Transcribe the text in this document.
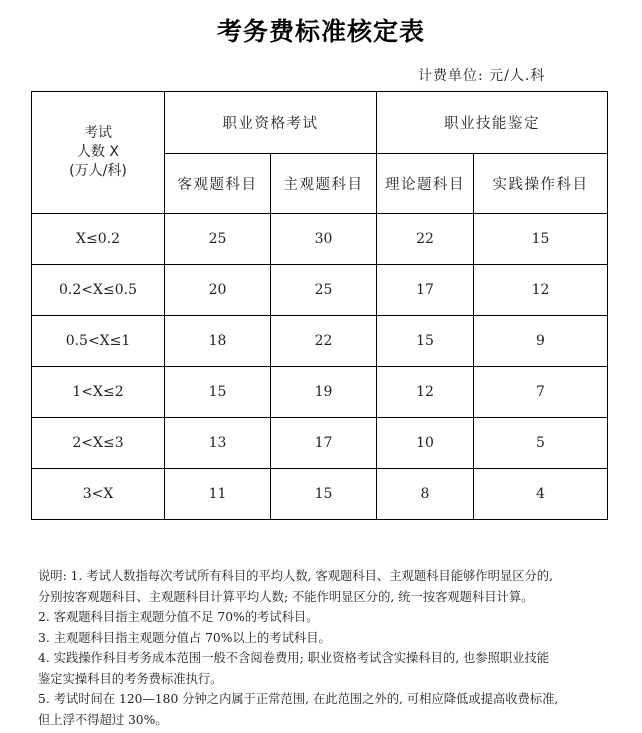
考务费标准核定表
计费单位: 元/人.科
考试
人数 X
(万人/科)	职业资格考试		职业技能鉴定	
	客观题科目	主观题科目	理论题科目	实践操作科目
X≤0.2	25	30	22	15
0.2<X≤0.5	20	25	17	12
0.5<X≤1	18	22	15	9
1<X≤2	15	19	12	7
2<X≤3	13	17	10	5
3<X	11	15	8	4

说明: 1. 考试人数指每次考试所有科目的平均人数, 客观题科目、主观题科目能够作明显区分的,

分别按客观题科目、主观题科目计算平均人数; 不能作明显区分的, 统一按客观题科目计算。

2. 客观题科目指主观题分值不足 70%的考试科目。

3. 主观题科目指主观题分值占 70%以上的考试科目。

4. 实践操作科目考务成本范围一般不含阅卷费用; 职业资格考试含实操科目的, 也参照职业技能

鉴定实操科目的考务费标准执行。

5. 考试时间在 120—180 分钟之内属于正常范围, 在此范围之外的, 可相应降低或提高收费标准,

但上浮不得超过 30%。
